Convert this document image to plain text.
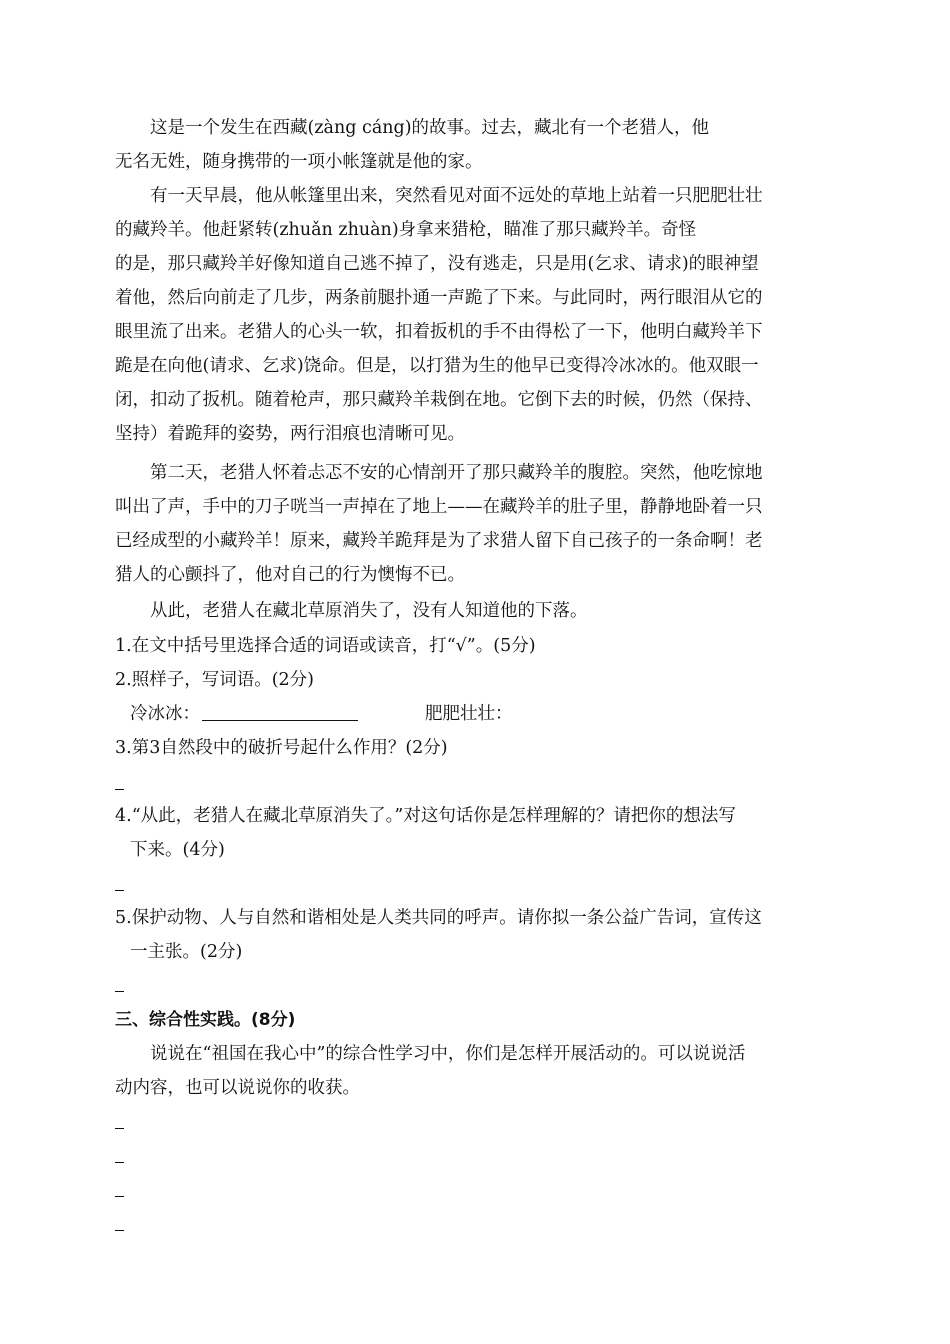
这是一个发生在西藏(zàng cáng)的故事。过去，藏北有一个老猎人，他
无名无姓，随身携带的一项小帐篷就是他的家。
有一天早晨，他从帐篷里出来，突然看见对面不远处的草地上站着一只肥肥壮壮
的藏羚羊。他赶紧转(zhuǎn zhuàn)身拿来猎枪，瞄准了那只藏羚羊。奇怪
的是，那只藏羚羊好像知道自己逃不掉了，没有逃走，只是用(乞求、请求)的眼神望
着他，然后向前走了几步，两条前腿扑通一声跪了下来。与此同时，两行眼泪从它的
眼里流了出来。老猎人的心头一软，扣着扳机的手不由得松了一下，他明白藏羚羊下
跪是在向他(请求、乞求)饶命。但是，以打猎为生的他早已变得冷冰冰的。他双眼一
闭，扣动了扳机。随着枪声，那只藏羚羊栽倒在地。它倒下去的时候，仍然（保持、
坚持）着跪拜的姿势，两行泪痕也清晰可见。
第二天，老猎人怀着忐忑不安的心情剖开了那只藏羚羊的腹腔。突然，他吃惊地
叫出了声，手中的刀子咣当一声掉在了地上——在藏羚羊的肚子里，静静地卧着一只
已经成型的小藏羚羊！原来，藏羚羊跪拜是为了求猎人留下自己孩子的一条命啊！老
猎人的心颤抖了，他对自己的行为懊悔不已。
从此，老猎人在藏北草原消失了，没有人知道他的下落。
1.在文中括号里选择合适的词语或读音，打“√”。(5分)
2.照样子，写词语。(2分)
冷冰冰：	肥肥壮壮：
3.第3自然段中的破折号起什么作用？(2分)
4.“从此，老猎人在藏北草原消失了。”对这句话你是怎样理解的？请把你的想法写
下来。(4分)
5.保护动物、人与自然和谐相处是人类共同的呼声。请你拟一条公益广告词，宣传这
一主张。(2分)
三、综合性实践。(8分)
说说在“祖国在我心中”的综合性学习中，你们是怎样开展活动的。可以说说活
动内容，也可以说说你的收获。
